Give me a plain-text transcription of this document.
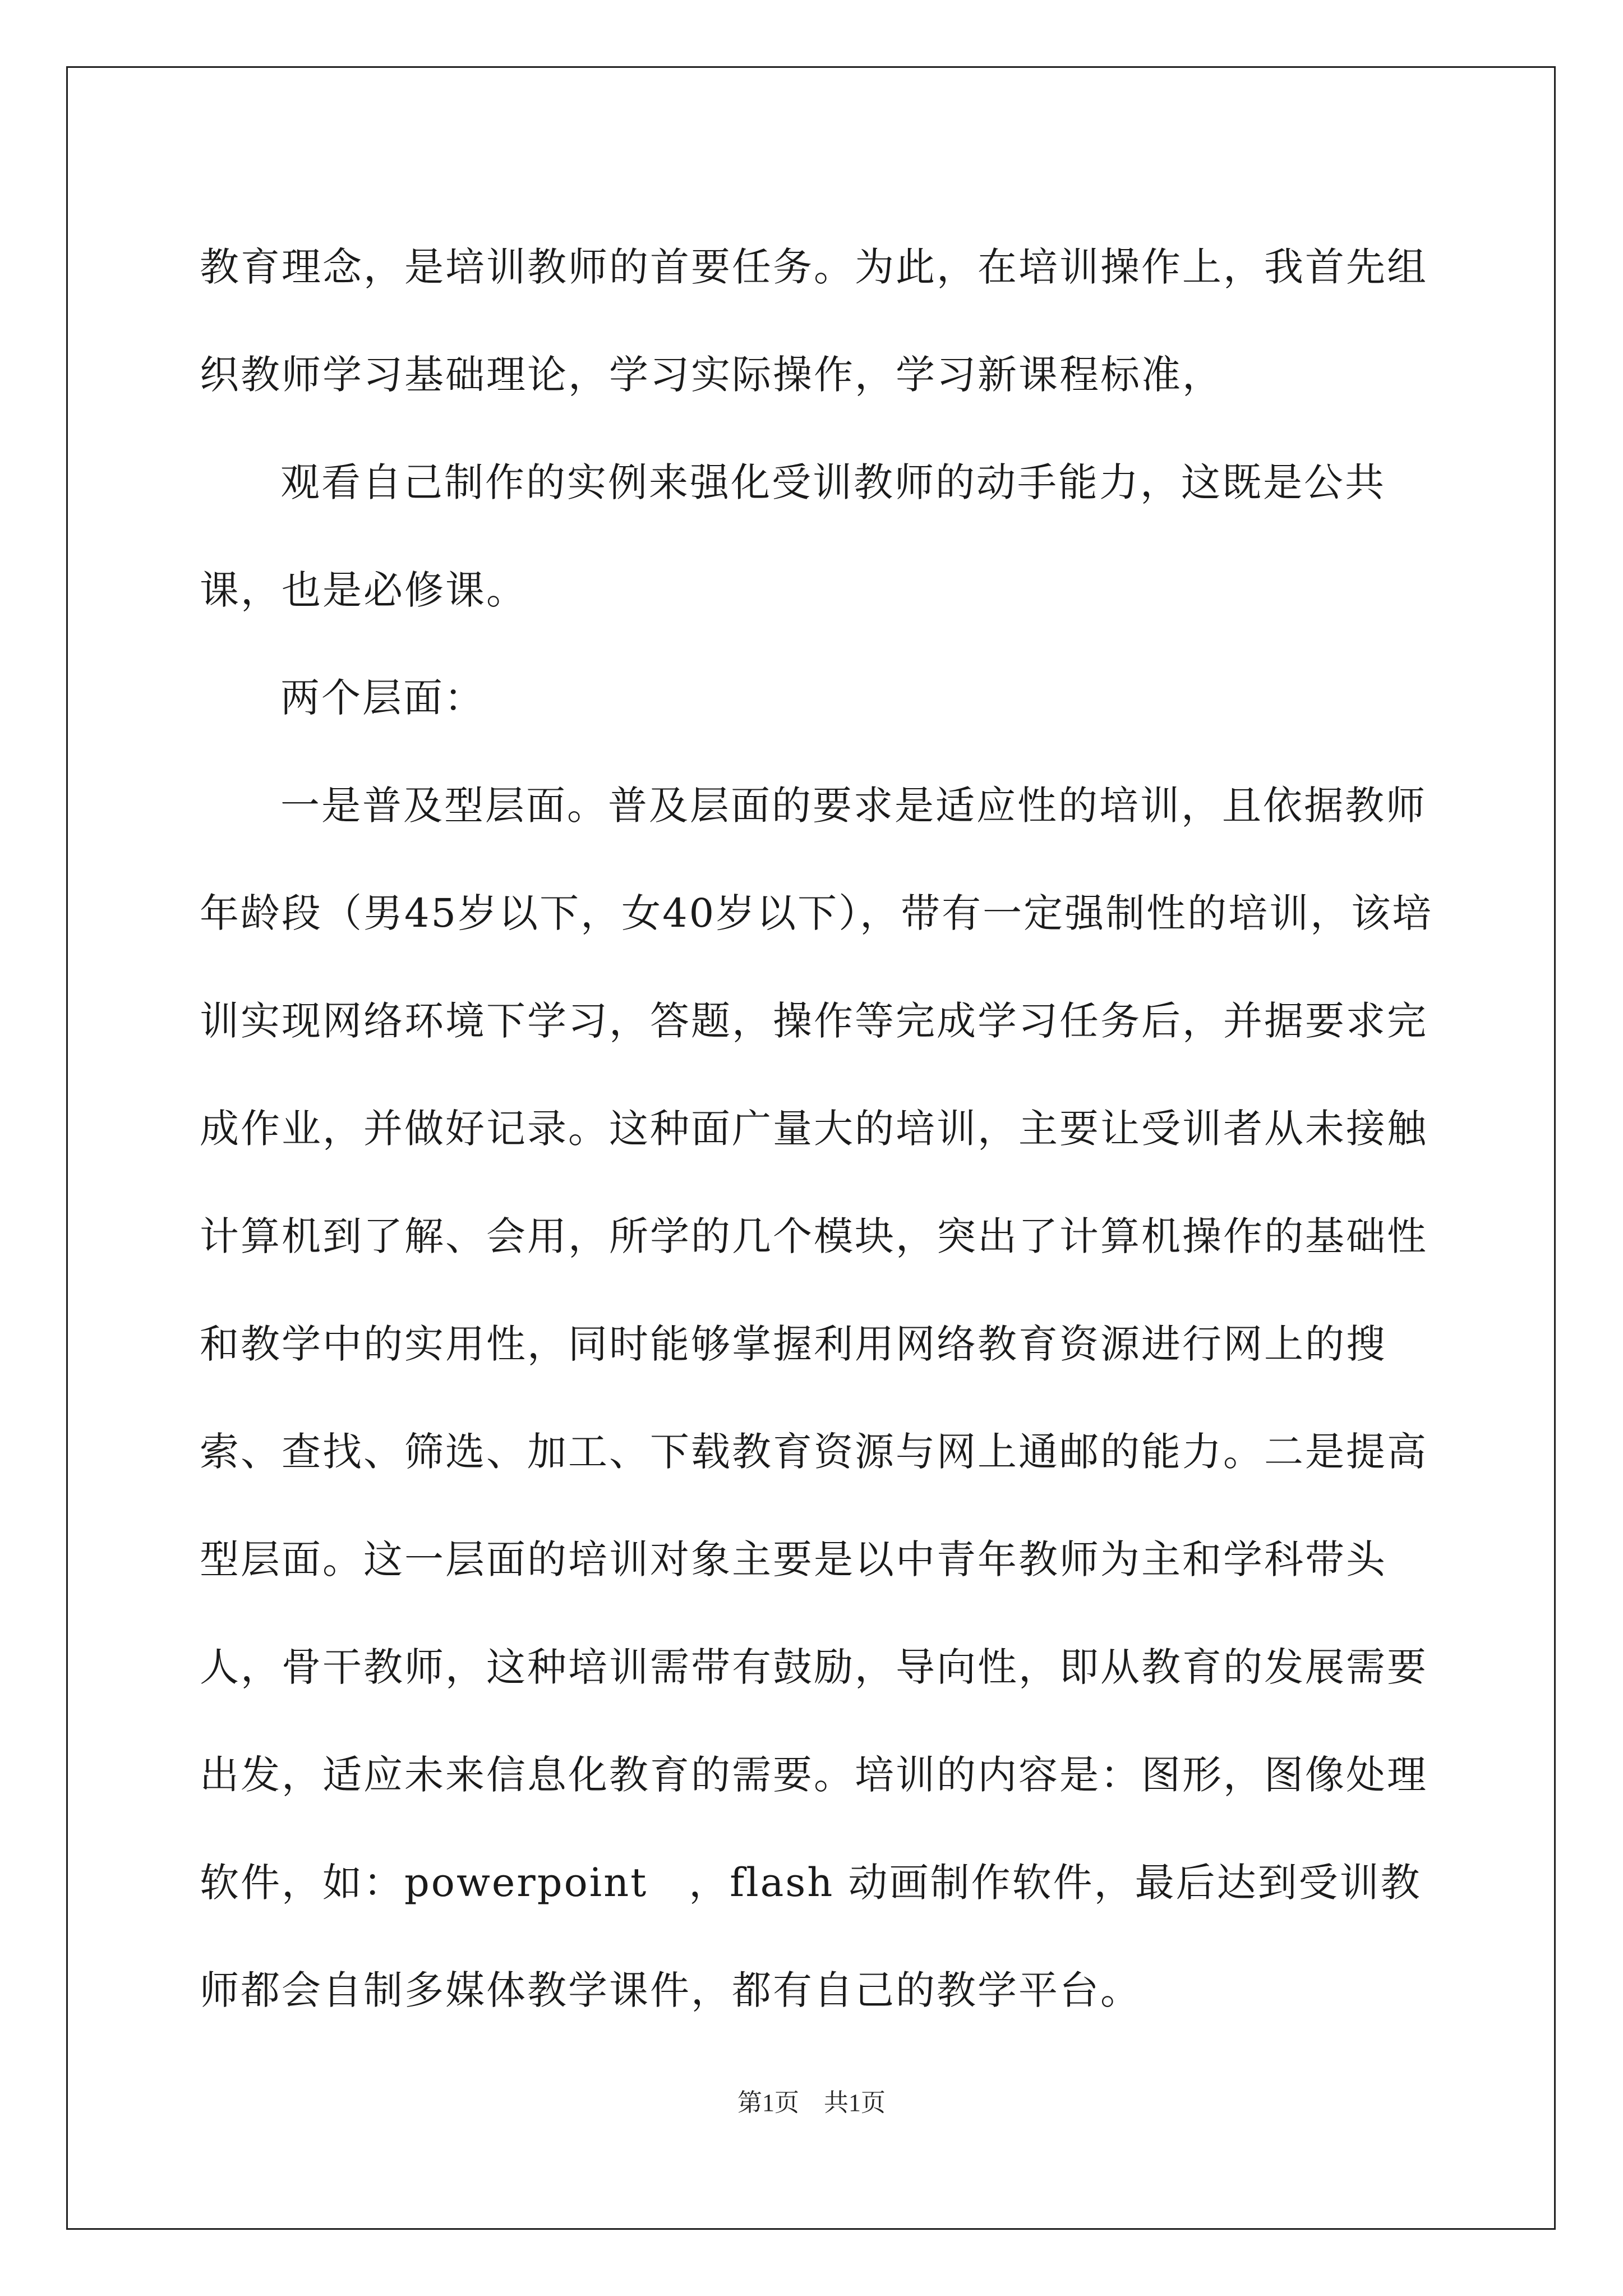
教育理念，是培训教师的首要任务。为此，在培训操作上，我首先组织教师学习基础理论，学习实际操作，学习新课程标准，

观看自己制作的实例来强化受训教师的动手能力，这既是公共课，也是必修课。

两个层面：

一是普及型层面。普及层面的要求是适应性的培训，且依据教师年龄段（男45岁以下，女40岁以下），带有一定强制性的培训，该培训实现网络环境下学习，答题，操作等完成学习任务后，并据要求完成作业，并做好记录。这种面广量大的培训，主要让受训者从未接触计算机到了解、会用，所学的几个模块，突出了计算机操作的基础性和教学中的实用性，同时能够掌握利用网络教育资源进行网上的搜索、查找、筛选、加工、下载教育资源与网上通邮的能力。二是提高型层面。这一层面的培训对象主要是以中青年教师为主和学科带头人，骨干教师，这种培训需带有鼓励，导向性，即从教育的发展需要出发，适应未来信息化教育的需要。培训的内容是：图形，图像处理软件，如：powerpoint　，flash 动画制作软件，最后达到受训教师都会自制多媒体教学课件，都有自己的教学平台。

第1页　共1页
